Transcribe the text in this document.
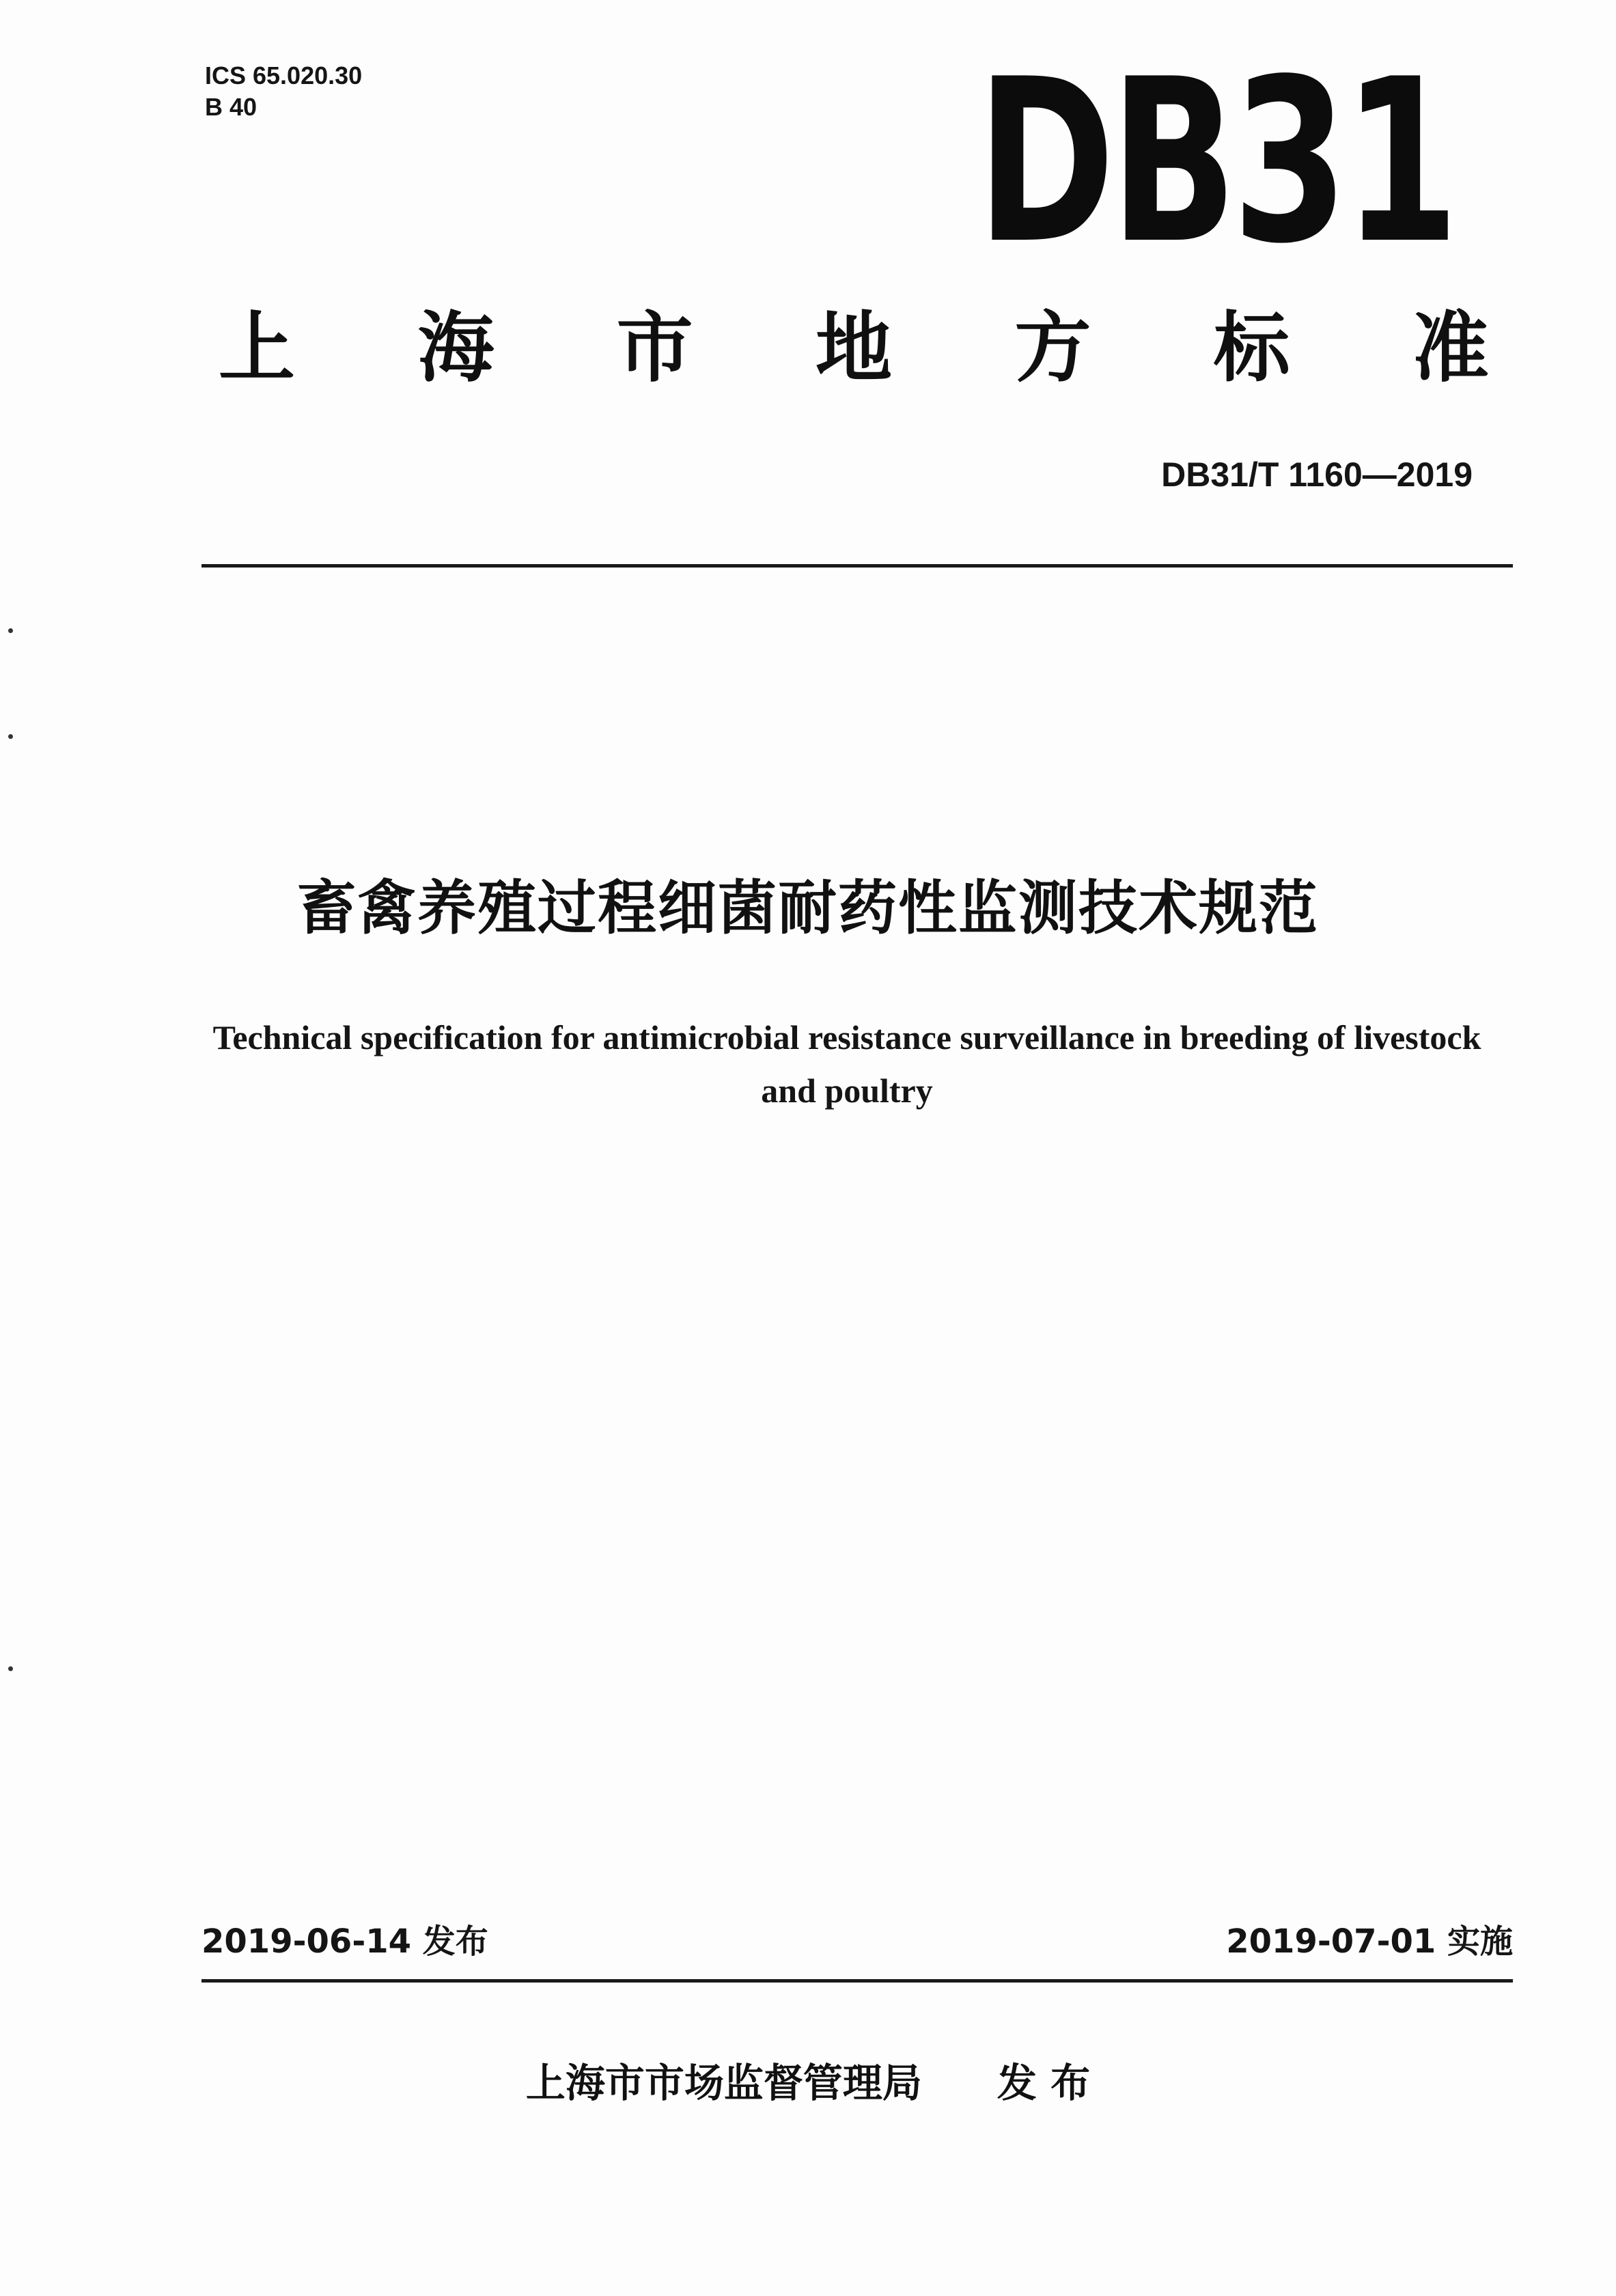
ICS 65.020.30
B 40	DB31
上 海 市 地 方 标 准
DB31/T 1160—2019
畜禽养殖过程细菌耐药性监测技术规范
Technical specification for antimicrobial resistance surveillance in breeding of livestock and poultry
2019-06-14 发布	2019-07-01 实施
上海市市场监督管理局 发 布
